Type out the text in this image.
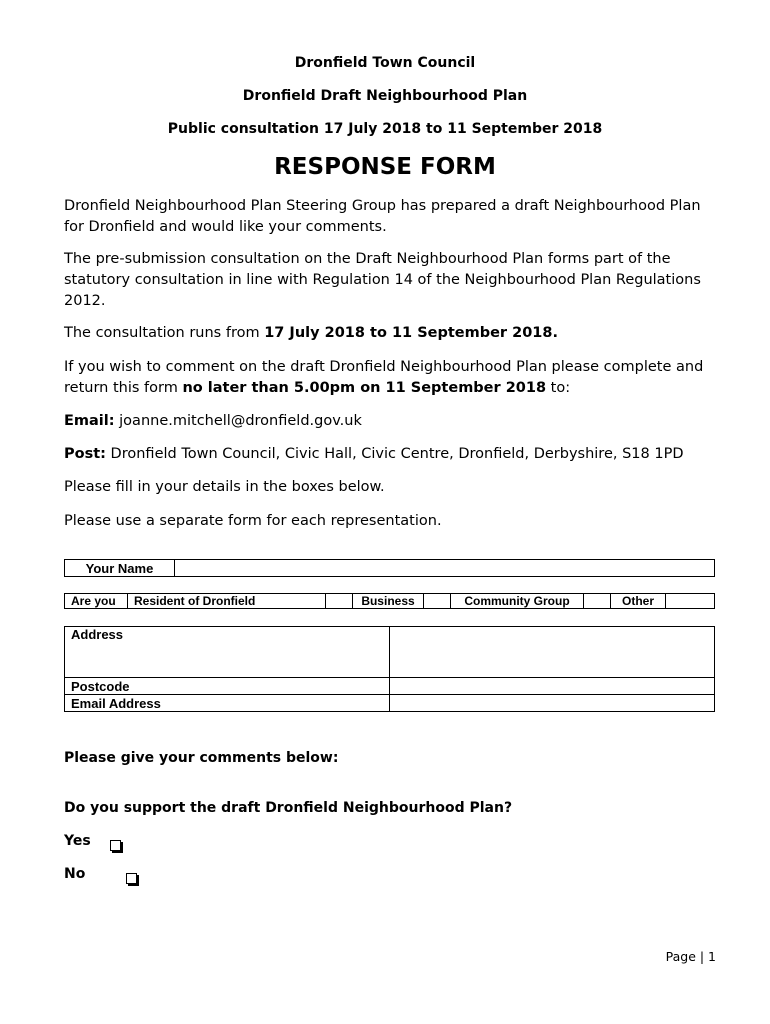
Dronfield Town Council
Dronfield Draft Neighbourhood Plan
Public consultation 17 July 2018 to 11 September 2018
RESPONSE FORM
Dronfield Neighbourhood Plan Steering Group has prepared a draft Neighbourhood Plan for Dronfield and would like your comments.
The pre-submission consultation on the Draft Neighbourhood Plan forms part of the statutory consultation in line with Regulation 14 of the Neighbourhood Plan Regulations 2012.
The consultation runs from 17 July 2018 to 11 September 2018.
If you wish to comment on the draft Dronfield Neighbourhood Plan please complete and return this form no later than 5.00pm on 11 September 2018 to:
Email: joanne.mitchell@dronfield.gov.uk
Post: Dronfield Town Council, Civic Hall, Civic Centre, Dronfield, Derbyshire, S18 1PD
Please fill in your details in the boxes below.
Please use a separate form for each representation.
Your Name	
Are you	Resident of Dronfield		Business		Community Group		Other	
Address	
Postcode	
Email Address	
Please give your comments below:
Do you support the draft Dronfield Neighbourhood Plan?
Yes

No
Page | 1
